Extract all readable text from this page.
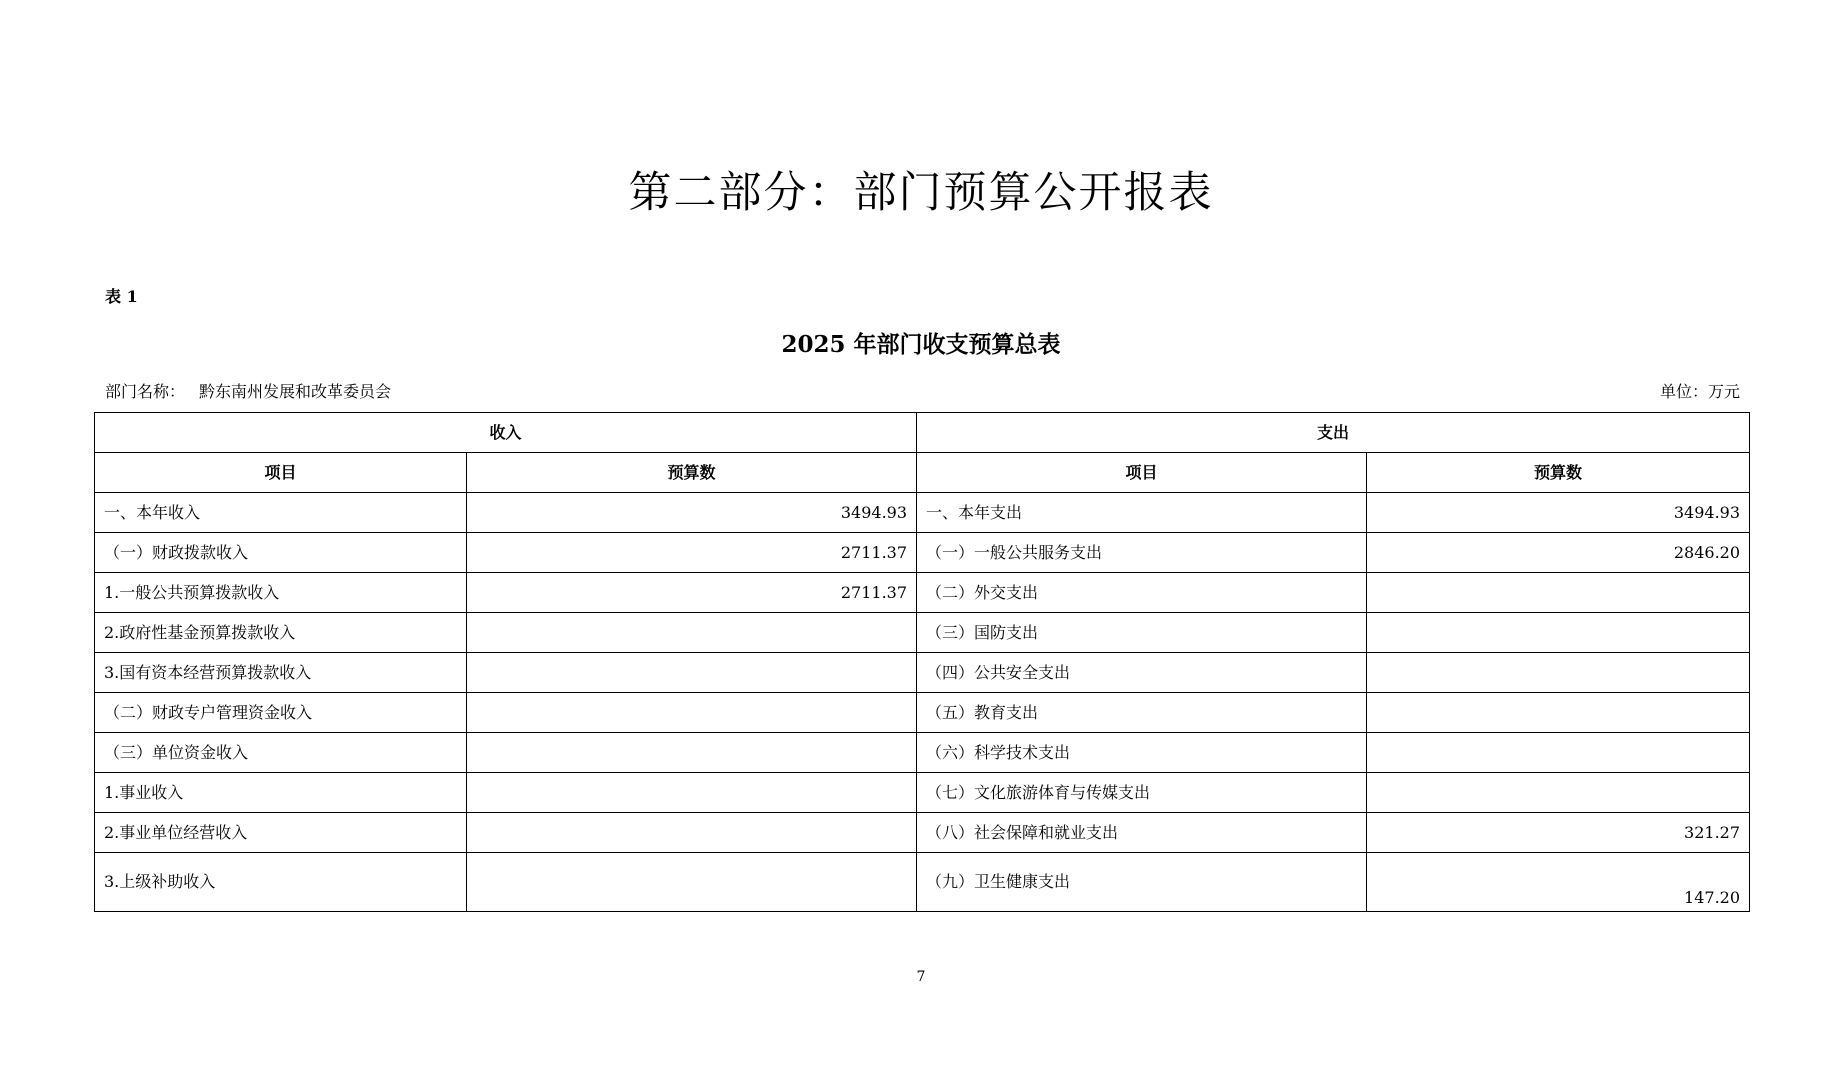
第二部分：部门预算公开报表
表 1
2025 年部门收支预算总表
部门名称： 黔东南州发展和改革委员会	单位：万元
收入		支出	
项目	预算数	项目	预算数
一、本年收入	3494.93	一、本年支出	3494.93
（一）财政拨款收入	2711.37	（一）一般公共服务支出	2846.20
1.一般公共预算拨款收入	2711.37	（二）外交支出	
2.政府性基金预算拨款收入		（三）国防支出	
3.国有资本经营预算拨款收入		（四）公共安全支出	
（二）财政专户管理资金收入		（五）教育支出	
（三）单位资金收入		（六）科学技术支出	
1.事业收入		（七）文化旅游体育与传媒支出	
2.事业单位经营收入		（八）社会保障和就业支出	321.27
3.上级补助收入		（九）卫生健康支出	147.20
7
